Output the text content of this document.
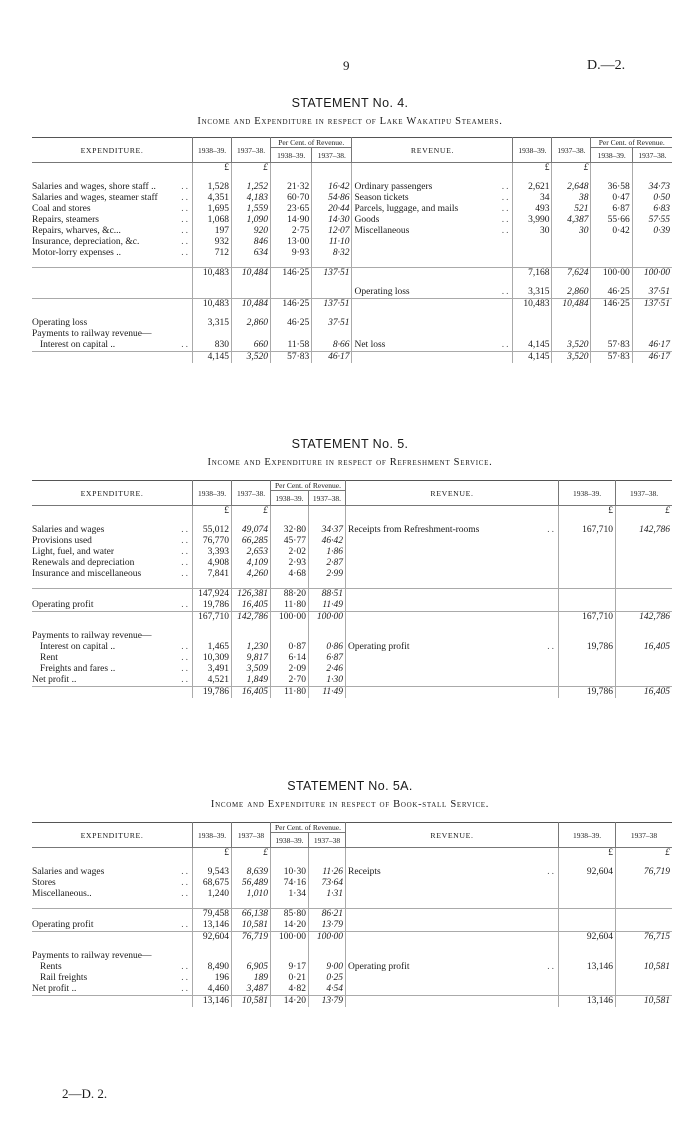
9	D.—2.
STATEMENT No. 4.
Income and Expenditure in respect of Lake Wakatipu Steamers.
EXPENDITURE.	1938–39.	1937–38.	Per Cent. of Revenue.		REVENUE.	1938–39.	1937–38.	Per Cent. of Revenue.	
			1938–39.	1937–38.				1938–39.	1937–38.

	£	£				£	£		

Salaries and wages, shore staff .. ..	1,528	1,252	21·32	16·42	Ordinary passengers ..	2,621	2,648	36·58	34·73

Salaries and wages, steamer staff ..	4,351	4,183	60·70	54·86	Season tickets ..	34	38	0·47	0·50

Coal and stores ..	1,695	1,559	23·65	20·44	Parcels, luggage, and mails ..	493	521	6·87	6·83

Repairs, steamers ..	1,068	1,090	14·90	14·30	Goods ..	3,990	4,387	55·66	57·55

Repairs, wharves, &c... ..	197	920	2·75	12·07	Miscellaneous ..	30	30	0·42	0·39

Insurance, depreciation, &c. ..	932	846	13·00	11·10	

Motor-lorry expenses .. ..	712	634	9·93	8·32	

	10,483	10,484	146·25	137·51		7,168	7,624	100·00	100·00

					Operating loss ..	3,315	2,860	46·25	37·51

	10,483	10,484	146·25	137·51		10,483	10,484	146·25	137·51

Operating loss	3,315	2,860	46·25	37·51	

Payments to railway revenue—									

Interest on capital .. ..	830	660	11·58	8·66	Net loss ..	4,145	3,520	57·83	46·17

	4,145	3,520	57·83	46·17		4,145	3,520	57·83	46·17
STATEMENT No. 5.
Income and Expenditure in respect of Refreshment Service.
EXPENDITURE.	1938–39.	1937–38.	Per Cent. of Revenue.		REVENUE.	1938–39.	1937–38.
			1938–39.	1937–38.			

	£	£				£	£

Salaries and wages ..	55,012	49,074	32·80	34·37	Receipts from Refreshment-rooms ..	167,710	142,786

Provisions used ..	76,770	66,285	45·77	46·42	

Light, fuel, and water ..	3,393	2,653	2·02	1·86	

Renewals and depreciation ..	4,908	4,109	2·93	2·87	

Insurance and miscellaneous ..	7,841	4,260	4·68	2·99	

	147,924	126,381	88·20	88·51	

Operating profit ..	19,786	16,405	11·80	11·49	

	167,710	142,786	100·00	100·00		167,710	142,786

Payments to railway revenue—							

Interest on capital .. ..	1,465	1,230	0·87	0·86	Operating profit ..	19,786	16,405

Rent ..	10,309	9,817	6·14	6·87	

Freights and fares .. ..	3,491	3,509	2·09	2·46	

Net profit .. ..	4,521	1,849	2·70	1·30	

	19,786	16,405	11·80	11·49		19,786	16,405
STATEMENT No. 5A.
Income and Expenditure in respect of Book-stall Service.
EXPENDITURE.	1938–39.	1937–38	Per Cent. of Revenue.		REVENUE.	1938–39.	1937–38
			1938–39.	1937–38			

	£	£				£	£

Salaries and wages ..	9,543	8,639	10·30	11·26	Receipts ..	92,604	76,719

Stores ..	68,675	56,489	74·16	73·64	

Miscellaneous.. ..	1,240	1,010	1·34	1·31	

	79,458	66,138	85·80	86·21	

Operating profit ..	13,146	10,581	14·20	13·79	

	92,604	76,719	100·00	100·00		92,604	76,715

Payments to railway revenue—							

Rents ..	8,490	6,905	9·17	9·00	Operating profit ..	13,146	10,581

Rail freights ..	196	189	0·21	0·25	

Net profit .. ..	4,460	3,487	4·82	4·54	

	13,146	10,581	14·20	13·79		13,146	10,581
2—D. 2.
